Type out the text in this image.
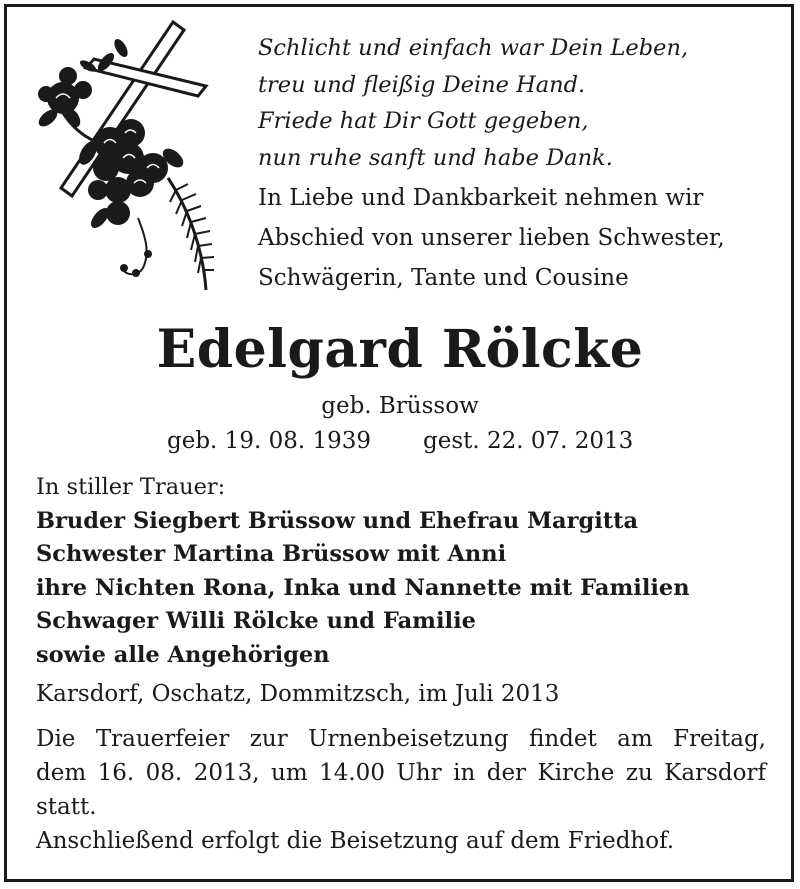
Schlicht und einfach war Dein Leben,
treu und fleißig Deine Hand.
Friede hat Dir Gott gegeben,
nun ruhe sanft und habe Dank.
In Liebe und Dankbarkeit nehmen wir
Abschied von unserer lieben Schwester,
Schwägerin, Tante und Cousine
Edelgard Rölcke
geb. Brüssow
geb. 19. 08. 1939 gest. 22. 07. 2013
In stiller Trauer:
Bruder Siegbert Brüssow und Ehefrau Margitta
Schwester Martina Brüssow mit Anni
ihre Nichten Rona, Inka und Nannette mit Familien
Schwager Willi Rölcke und Familie
sowie alle Angehörigen
Karsdorf, Oschatz, Dommitzsch, im Juli 2013
Die Trauerfeier zur Urnenbeisetzung findet am Freitag,
dem 16. 08. 2013, um 14.00 Uhr in der Kirche zu Karsdorf
statt.
Anschließend erfolgt die Beisetzung auf dem Friedhof.
